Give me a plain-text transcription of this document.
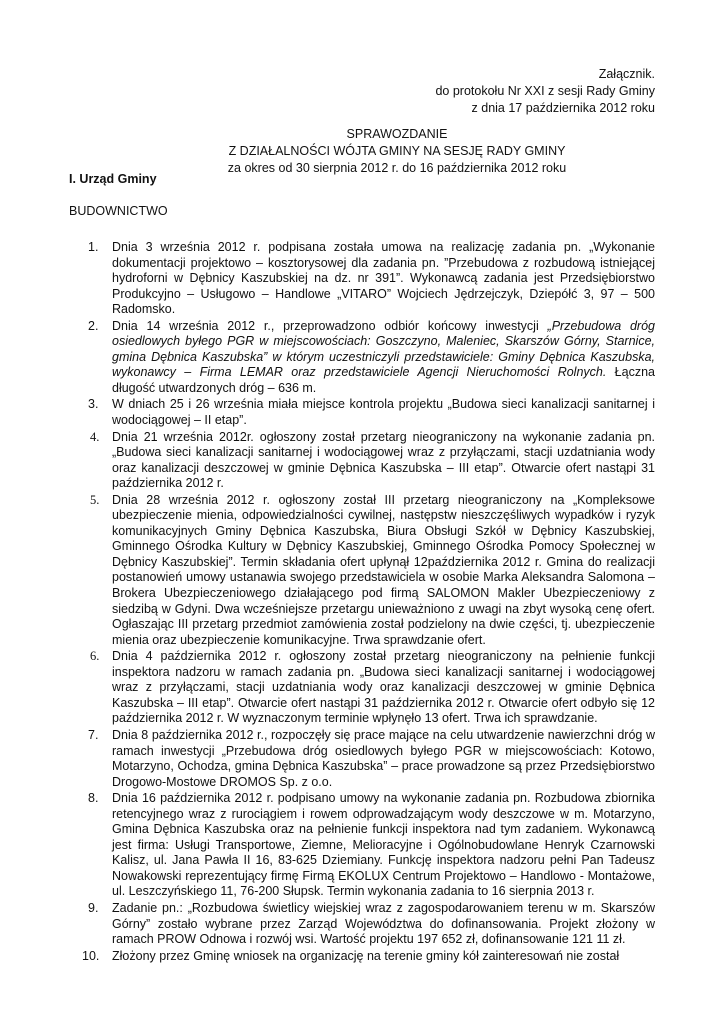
Załącznik.
do protokołu Nr XXI z sesji Rady Gminy
z dnia 17 października 2012 roku
SPRAWOZDANIE
Z DZIAŁALNOŚCI WÓJTA GMINY NA SESJĘ RADY GMINY
za okres od 30 sierpnia 2012 r. do 16 października 2012 roku
I. Urząd Gminy
BUDOWNICTWO
1. Dnia 3 września 2012 r. podpisana została umowa na realizację zadania pn. „Wykonanie dokumentacji projektowo – kosztorysowej dla zadania pn. ”Przebudowa z rozbudową istniejącej hydroforni w Dębnicy Kaszubskiej na dz. nr 391”. Wykonawcą zadania jest Przedsiębiorstwo Produkcyjno – Usługowo – Handlowe „VITARO” Wojciech Jędrzejczyk, Dziepółć 3, 97 – 500 Radomsko.
2. Dnia 14 września 2012 r., przeprowadzono odbiór końcowy inwestycji „Przebudowa dróg osiedlowych byłego PGR w miejscowościach: Goszczyno, Maleniec, Skarszów Górny, Starnice, gmina Dębnica Kaszubska” w którym uczestniczyli przedstawiciele: Gminy Dębnica Kaszubska, wykonawcy – Firma LEMAR oraz przedstawiciele Agencji Nieruchomości Rolnych. Łączna długość utwardzonych dróg – 636 m.
3. W dniach 25 i 26 września miała miejsce kontrola projektu „Budowa sieci kanalizacji sanitarnej i wodociągowej – II etap”.
4. Dnia 21 września 2012r. ogłoszony został przetarg nieograniczony na wykonanie zadania pn. „Budowa sieci kanalizacji sanitarnej i wodociągowej wraz z przyłączami, stacji uzdatniania wody oraz kanalizacji deszczowej w gminie Dębnica Kaszubska – III etap”. Otwarcie ofert nastąpi 31 października 2012 r.
5. Dnia 28 września 2012 r. ogłoszony został III przetarg nieograniczony na „Kompleksowe ubezpieczenie mienia, odpowiedzialności cywilnej, następstw nieszczęśliwych wypadków i ryzyk komunikacyjnych Gminy Dębnica Kaszubska, Biura Obsługi Szkół w Dębnicy Kaszubskiej, Gminnego Ośrodka Kultury w Dębnicy Kaszubskiej, Gminnego Ośrodka Pomocy Społecznej w Dębnicy Kaszubskiej”. Termin składania ofert upłynął 12października 2012 r. Gmina do realizacji postanowień umowy ustanawia swojego przedstawiciela w osobie Marka Aleksandra Salomona – Brokera Ubezpieczeniowego działającego pod firmą SALOMON Makler Ubezpieczeniowy z siedzibą w Gdyni. Dwa wcześniejsze przetargu unieważniono z uwagi na zbyt wysoką cenę ofert. Ogłaszając III przetarg przedmiot zamówienia został podzielony na dwie części, tj. ubezpieczenie mienia oraz ubezpieczenie komunikacyjne. Trwa sprawdzanie ofert.
6. Dnia 4 października 2012 r. ogłoszony został przetarg nieograniczony na pełnienie funkcji inspektora nadzoru w ramach zadania pn. „Budowa sieci kanalizacji sanitarnej i wodociągowej wraz z przyłączami, stacji uzdatniania wody oraz kanalizacji deszczowej w gminie Dębnica Kaszubska – III etap”. Otwarcie ofert nastąpi 31 października 2012 r. Otwarcie ofert odbyło się 12 października 2012 r. W wyznaczonym terminie wpłynęło 13 ofert. Trwa ich sprawdzanie.
7. Dnia 8 października 2012 r., rozpoczęły się prace mające na celu utwardzenie nawierzchni dróg w ramach inwestycji „Przebudowa dróg osiedlowych byłego PGR w miejscowościach: Kotowo, Motarzyno, Ochodza, gmina Dębnica Kaszubska” – prace prowadzone są przez Przedsiębiorstwo Drogowo-Mostowe DROMOS Sp. z o.o.
8. Dnia 16 października 2012 r. podpisano umowy na wykonanie zadania pn. Rozbudowa zbiornika retencyjnego wraz z rurociągiem i rowem odprowadzającym wody deszczowe w m. Motarzyno, Gmina Dębnica Kaszubska oraz na pełnienie funkcji inspektora nad tym zadaniem. Wykonawcą jest firma: Usługi Transportowe, Ziemne, Melioracyjne i Ogólnobudowlane Henryk Czarnowski Kalisz, ul. Jana Pawła II 16, 83-625 Dziemiany. Funkcję inspektora nadzoru pełni Pan Tadeusz Nowakowski reprezentujący firmę Firmą EKOLUX Centrum Projektowo – Handlowo - Montażowe, ul. Leszczyńskiego 11, 76-200 Słupsk. Termin wykonania zadania to 16 sierpnia 2013 r.
9. Zadanie pn.: „Rozbudowa świetlicy wiejskiej wraz z zagospodarowaniem terenu w m. Skarszów Górny” zostało wybrane przez Zarząd Województwa do dofinansowania. Projekt złożony w ramach PROW Odnowa i rozwój wsi. Wartość projektu 197 652 zł, dofinansowanie 121 11 zł.
10. Złożony przez Gminę wniosek na organizację na terenie gminy kół zainteresowań nie został
